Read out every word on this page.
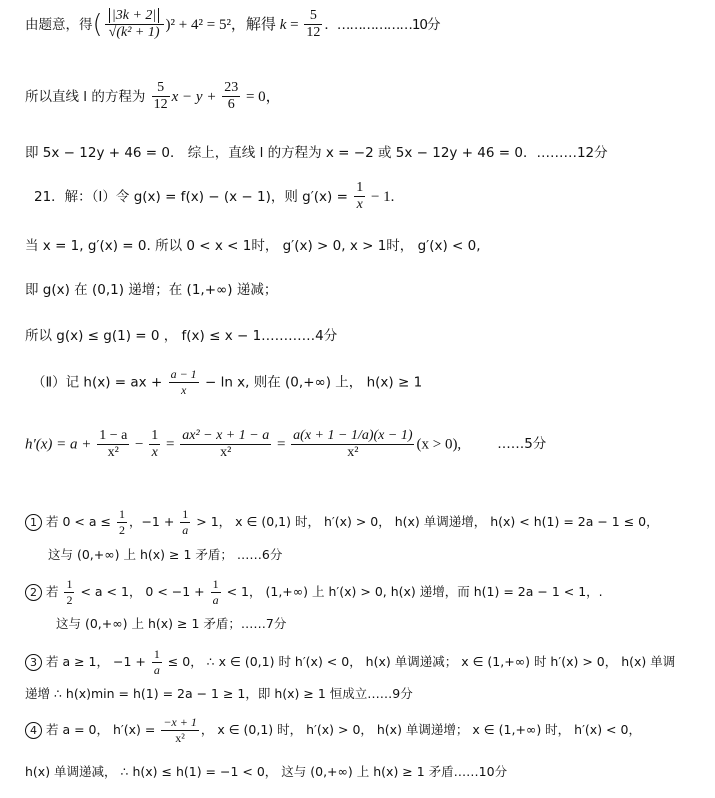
由题意，得( $\frac{|3k + 2|}{\text{√(k² + 1)}} )^2 + 4^2 = 5^2$，解得 $k = \frac{5}{12}$ ．………………10分
所以直线 l 的方程为 $\frac{5}{12}$ $x - y + \frac{23}{6} = 0$，
即 5x − 12y + 46 = 0． 综上，直线 l 的方程为 x = −2 或 5x − 12y + 46 = 0．………12分
21．解：（Ⅰ）令 g(x) = f(x) − (x − 1)，则 $g'(x) = \frac{1}{x} - 1$.
当 x = 1, g′(x) = 0. 所以 0 < x < 1时， g′(x) > 0, x > 1时， g′(x) < 0,
即 g(x) 在 (0,1) 递增；在 (1,+∞) 递减；
所以 g(x) ≤ g(1) = 0 ， f(x) ≤ x − 1…………4分
（Ⅱ）记 h(x) = ax + $\frac{a - 1}{x} - \ln x$, 则在 (0,+∞) 上， h(x) ≥ 1
$h'(x) = a + \frac{1 - a}{\text{x²}} - \frac{1}{x} = \frac{\text{ax² − x + 1 − a}}{\text{x²}} = \frac{a(x + 1 - 1/a)(x - 1)}{\text{x²}} (x > 0)$,	……5分
1 若 $0 < a \le \frac{1}{2}$ ，$-1 + \frac{1}{a} > 1$， x ∈ (0,1) 时， h′(x) > 0， h(x) 单调递增， h(x) < h(1) = 2a − 1 ≤ 0，
这与 (0,+∞) 上 h(x) ≥ 1 矛盾； ……6分
2 若 $\frac{1}{2} < a < 1$， $0 < -1 + \frac{1}{a} < 1$， (1,+∞) 上 h′(x) > 0, h(x) 递增，而 h(1) = 2a − 1 < 1，.
这与 (0,+∞) 上 h(x) ≥ 1 矛盾；……7分
3 若 a ≥ 1， $-1 + \frac{1}{a} \le 0$， ∴ x ∈ (0,1) 时 h′(x) < 0， h(x) 单调递减； x ∈ (1,+∞) 时 h′(x) > 0， h(x) 单调
递增 ∴ h(x)min = h(1) = 2a − 1 ≥ 1，即 h(x) ≥ 1 恒成立……9分
4 若 a = 0， $h'(x) = \frac{-x + 1}{\text{x²}}$ ， x ∈ (0,1) 时， h′(x) > 0， h(x) 单调递增； x ∈ (1,+∞) 时， h′(x) < 0，
h(x) 单调递减， ∴ h(x) ≤ h(1) = −1 < 0， 这与 (0,+∞) 上 h(x) ≥ 1 矛盾……10分
